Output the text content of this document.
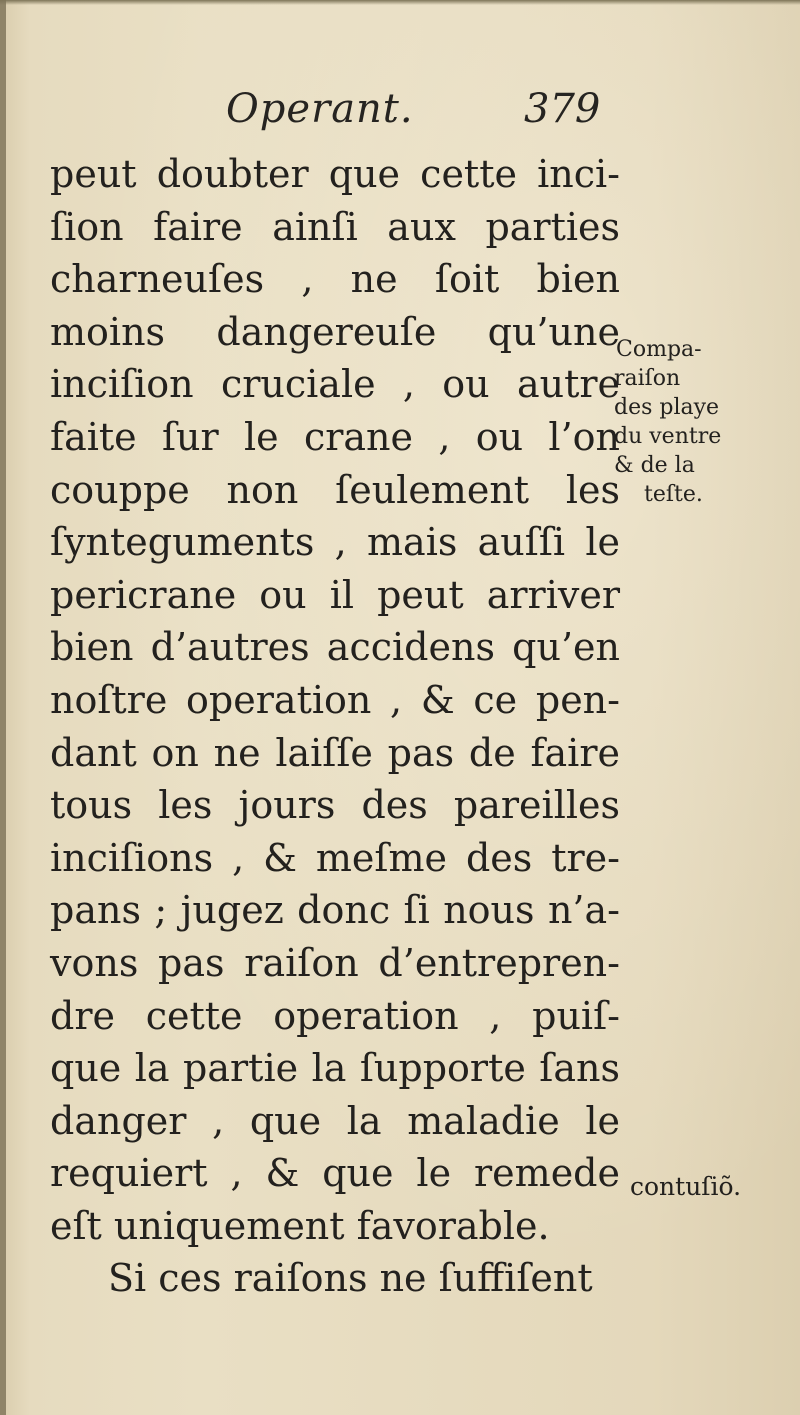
Operant.	379
peut doubter que cette inci-
ſion faire ainſi aux parties
charneuſes , ne ſoit bien
moins dangereuſe qu’une
inciſion cruciale , ou autre
faite ſur le crane , ou l’on
couppe non ſeulement les
ſynteguments , mais auſſi le
pericrane ou il peut arriver
bien d’autres accidens qu’en
noſtre operation , & ce pen-
dant on ne laiſſe pas de faire
tous les jours des pareilles
inciſions , & meſme des tre-
pans ; jugez donc ſi nous n’a-
vons pas raiſon d’entrepren-
dre cette operation , puiſ-
que la partie la ſupporte ſans
danger , que la maladie le
requiert , & que le remede
eſt uniquement favorable.
Si ces raiſons ne ſuffiſent
Compa-
raiſon
des playe
du ventre
& de la
teſte.
contuſiõ.
